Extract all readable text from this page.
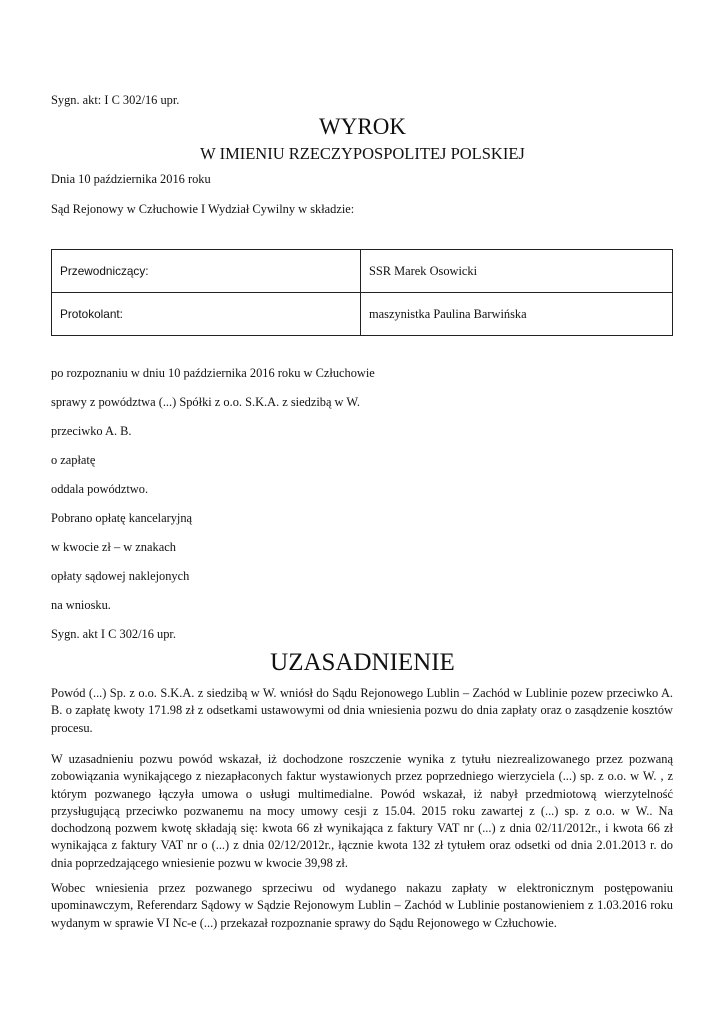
Sygn. akt: I C 302/16 upr.

WYROK
W IMIENIU RZECZYPOSPOLITEJ POLSKIEJ

Dnia 10 października 2016 roku

Sąd Rejonowy w Człuchowie I Wydział Cywilny w składzie:

Przewodniczący:	SSR Marek Osowicki
Protokolant:	maszynistka Paulina Barwińska

po rozpoznaniu w dniu 10 października 2016 roku w Człuchowie

sprawy z powództwa (...) Spółki z o.o. S.K.A. z siedzibą w W.

przeciwko A. B.

o zapłatę

oddala powództwo.

Pobrano opłatę kancelaryjną

w kwocie zł – w znakach

opłaty sądowej naklejonych

na wniosku.

Sygn. akt I C 302/16 upr.

UZASADNIENIE

Powód (...) Sp. z o.o. S.K.A. z siedzibą w W. wniósł do Sądu Rejonowego Lublin – Zachód w Lublinie pozew przeciwko A. B. o zapłatę kwoty 171.98 zł z odsetkami ustawowymi od dnia wniesienia pozwu do dnia zapłaty oraz o zasądzenie kosztów procesu.

W uzasadnieniu pozwu powód wskazał, iż dochodzone roszczenie wynika z tytułu niezrealizowanego przez pozwaną zobowiązania wynikającego z niezapłaconych faktur wystawionych przez poprzedniego wierzyciela (...) sp. z o.o. w W. , z którym pozwanego łączyła umowa o usługi multimedialne. Powód wskazał, iż nabył przedmiotową wierzytelność przysługującą przeciwko pozwanemu na mocy umowy cesji z 15.04. 2015 roku zawartej z (...) sp. z o.o. w W.. Na dochodzoną pozwem kwotę składają się: kwota 66 zł wynikająca z faktury VAT nr (...) z dnia 02/11/2012r., i kwota 66 zł wynikająca z faktury VAT nr o (...) z dnia 02/12/2012r., łącznie kwota 132 zł tytułem oraz odsetki od dnia 2.01.2013 r. do dnia poprzedzającego wniesienie pozwu w kwocie 39,98 zł.

Wobec wniesienia przez pozwanego sprzeciwu od wydanego nakazu zapłaty w elektronicznym postępowaniu upominawczym, Referendarz Sądowy w Sądzie Rejonowym Lublin – Zachód w Lublinie postanowieniem z 1.03.2016 roku wydanym w sprawie VI Nc-e (...) przekazał rozpoznanie sprawy do Sądu Rejonowego w Człuchowie.
